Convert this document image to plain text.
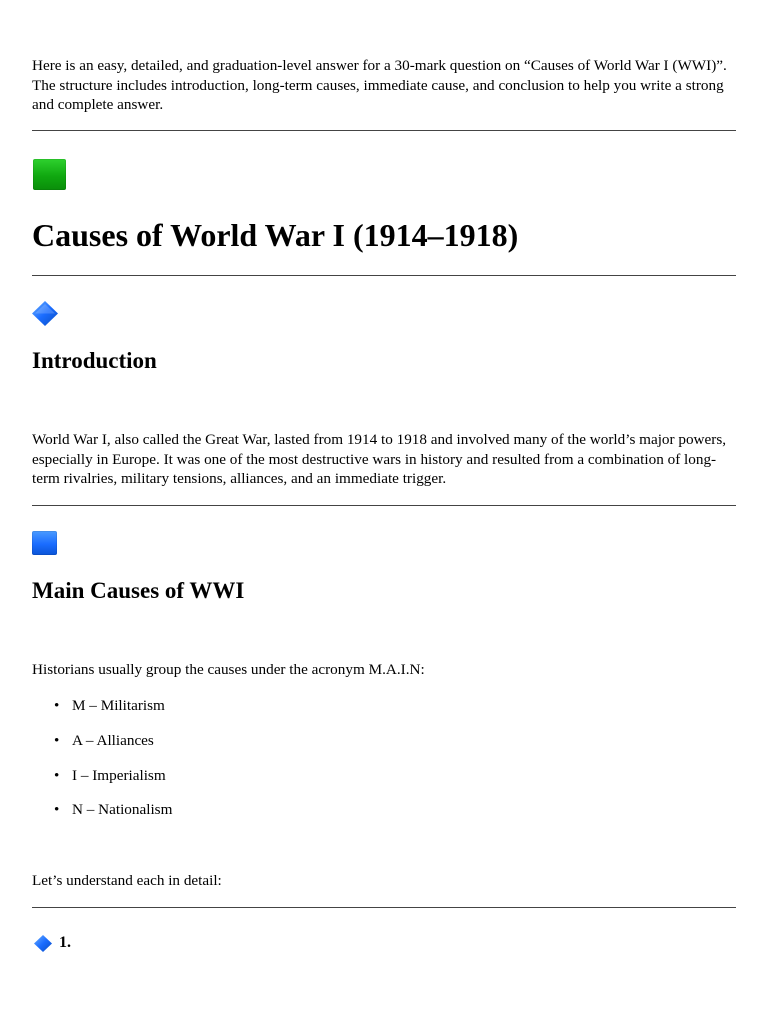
Here is an easy, detailed, and graduation-level answer for a 30-mark question on “Causes of World War I (WWI)”. The structure includes introduction, long-term causes, immediate cause, and conclusion to help you write a strong and complete answer.

Causes of World War I (1914–1918)
Introduction

World War I, also called the Great War, lasted from 1914 to 1918 and involved many of the world’s major powers, especially in Europe. It was one of the most destructive wars in history and resulted from a combination of long-term rivalries, military tensions, alliances, and an immediate trigger.

Main Causes of WWI

Historians usually group the causes under the acronym M.A.I.N:

• M – Militarism
• A – Alliances
• I – Imperialism
• N – Nationalism

Let’s understand each in detail:

1.
